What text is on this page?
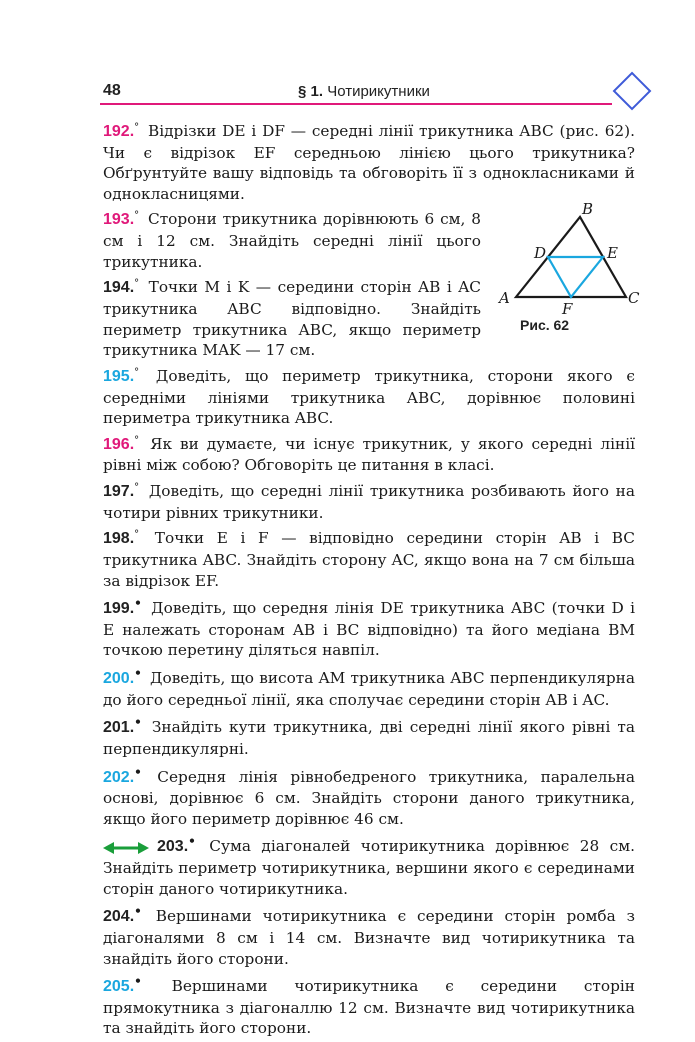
48	§ 1. Чотирикутники
192.° Відрізки DE і DF — середні лінії трикутника ABC (рис. 62). Чи є відрізок EF середньою лінією цього трикутника? Обґрунтуйте вашу відповідь та обговоріть її з однокласниками й однокласницями.
193.° Сторони трикутника дорівнюють 6 см, 8 см і 12 см. Знайдіть середні лінії цього трикутника.
194.° Точки M і K — середини сторін AB і AC трикутника ABC відповідно. Знайдіть периметр трикутника ABC, якщо периметр трикутника MAK — 17 см.
195.° Доведіть, що периметр трикутника, сторони якого є середніми лініями трикутника ABC, дорівнює половині периметра трикутника ABC.
196.° Як ви думаєте, чи існує трикутник, у якого середні лінії рівні між собою? Обговоріть це питання в класі.
197.° Доведіть, що середні лінії трикутника розбивають його на чотири рівних трикутники.
198.° Точки E і F — відповідно середини сторін AB і BC трикутника ABC. Знайдіть сторону AC, якщо вона на 7 см більша за відрізок EF.
199.• Доведіть, що середня лінія DE трикутника ABC (точки D і E належать сторонам AB і BC відповідно) та його медіана BM точкою перетину діляться навпіл.
200.• Доведіть, що висота AM трикутника ABC перпендикулярна до його середньої лінії, яка сполучає середини сторін AB і AC.
201.• Знайдіть кути трикутника, дві середні лінії якого рівні та перпендикулярні.
202.• Середня лінія рівнобедреного трикутника, паралельна основі, дорівнює 6 см. Знайдіть сторони даного трикутника, якщо його периметр дорівнює 46 см.
203.• Сума діагоналей чотирикутника дорівнює 28 см. Знайдіть периметр чотирикутника, вершини якого є серединами сторін даного чотирикутника.
204.• Вершинами чотирикутника є середини сторін ромба з діагоналями 8 см і 14 см. Визначте вид чотирикутника та знайдіть його сторони.
205.• Вершинами чотирикутника є середини сторін прямокутника з діагоналлю 12 см. Визначте вид чотирикутника та знайдіть його сторони.
B
D	E
A
F
C
Рис. 62
